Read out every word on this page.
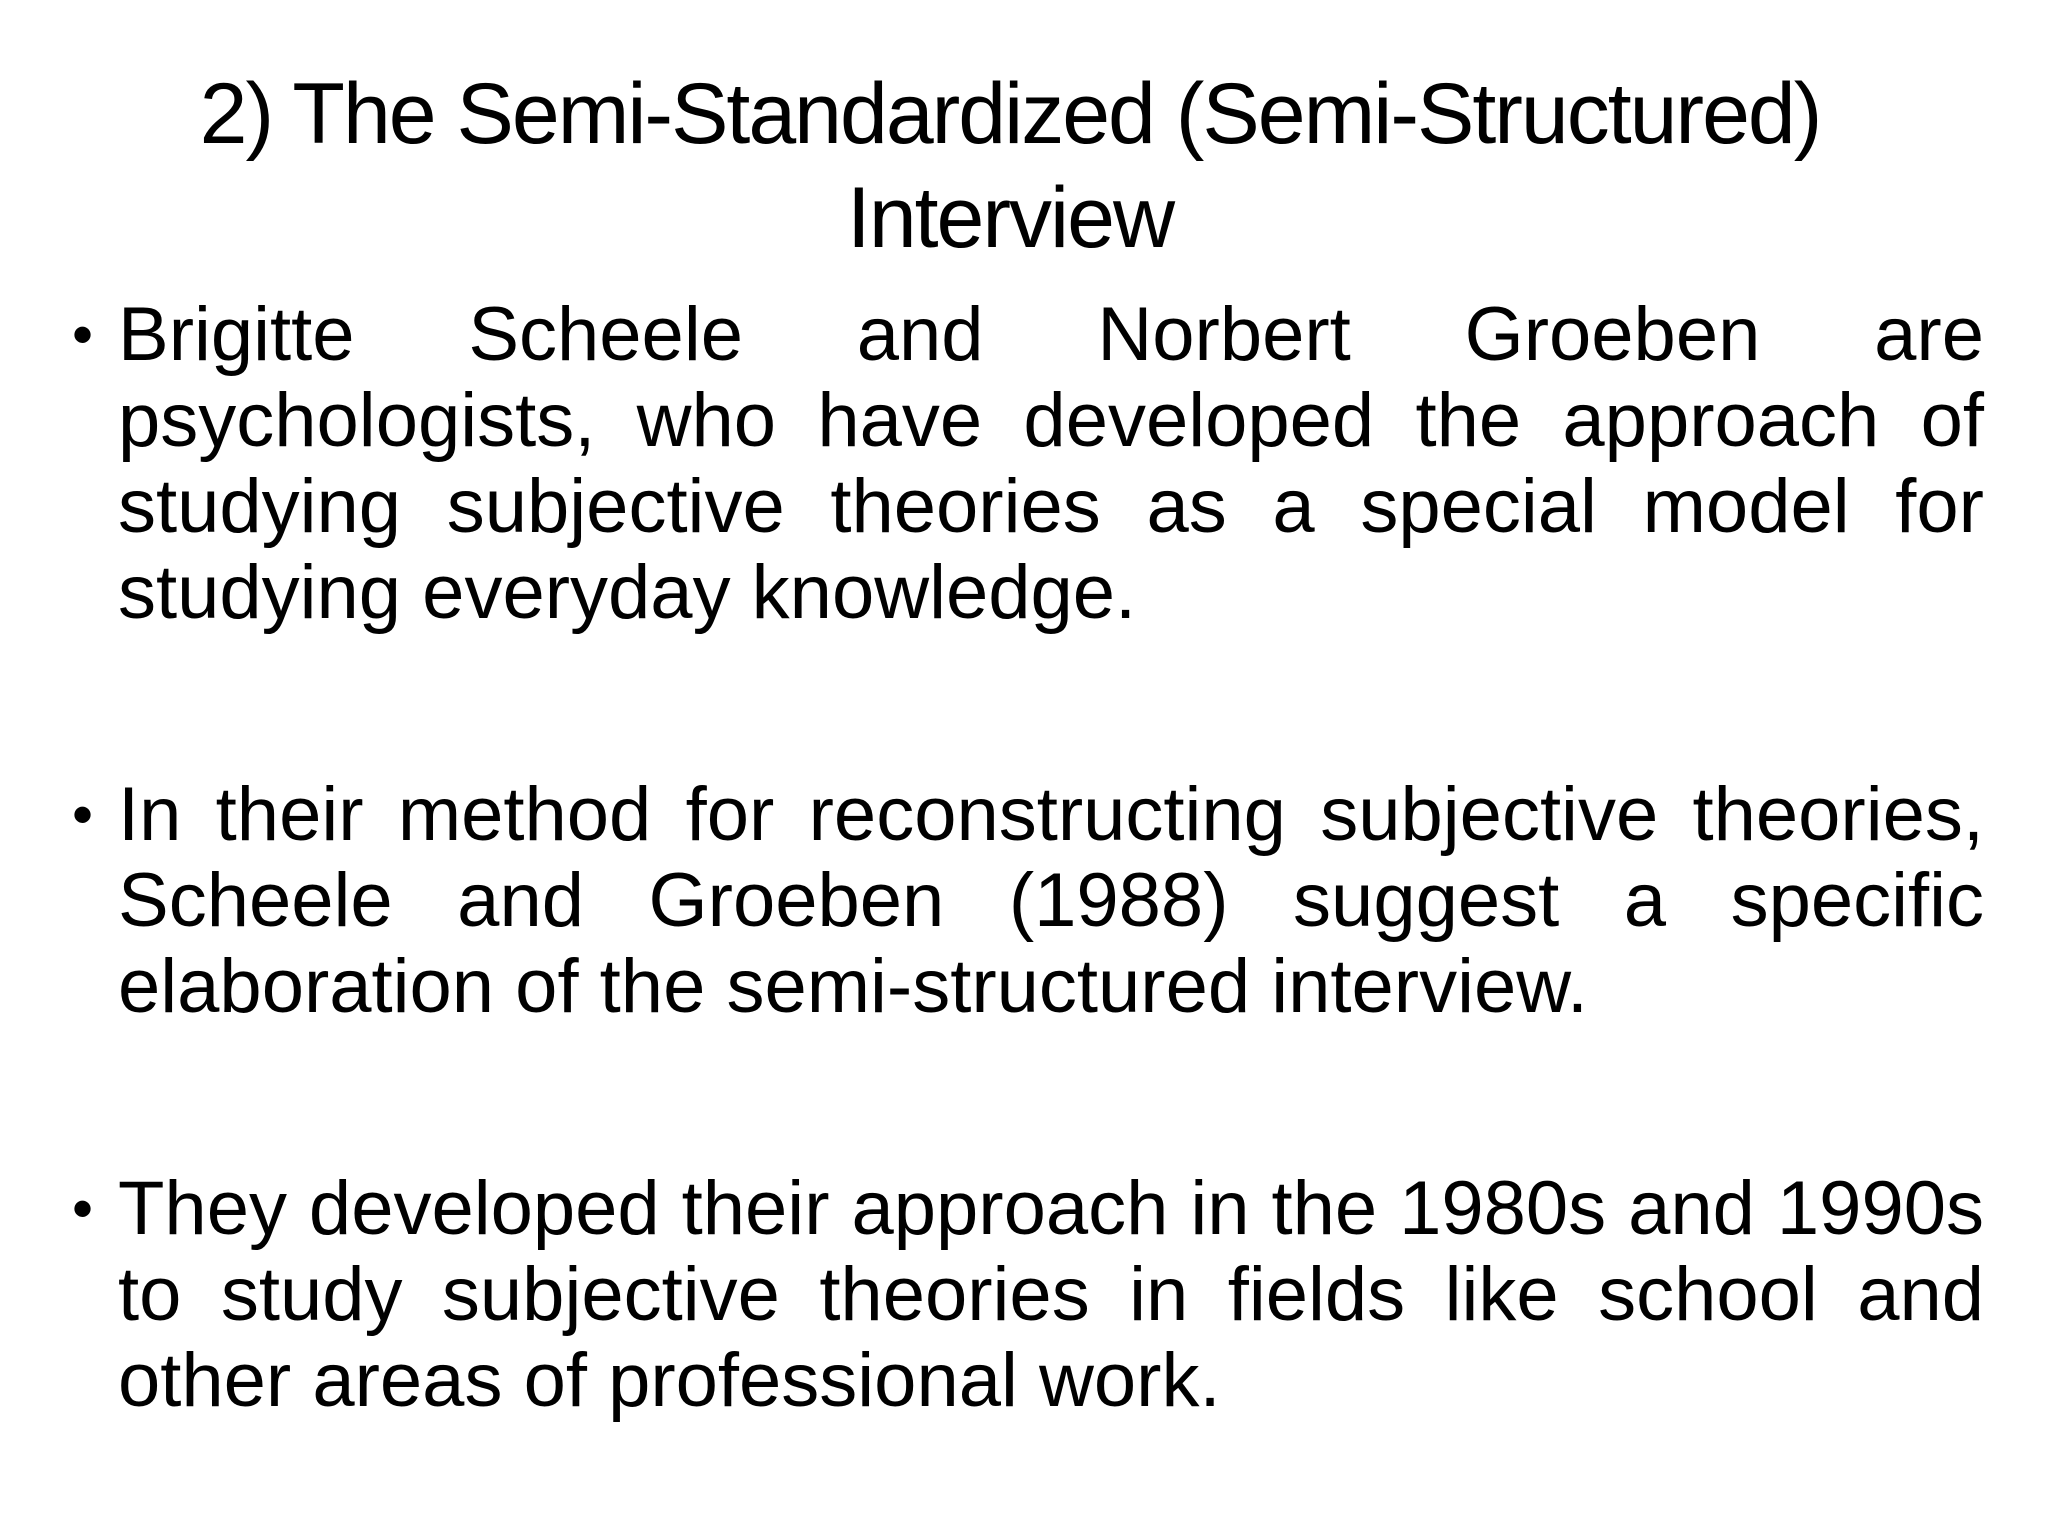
2) The Semi-Standardized (Semi-Structured)
Interview
• Brigitte Scheele and Norbert Groeben are psychologists, who have developed the approach of studying subjective theories as a special model for studying everyday knowledge.
• In their method for reconstructing subjective theories, Scheele and Groeben (1988) suggest a specific elaboration of the semi-structured interview.
• They developed their approach in the 1980s and 1990s to study subjective theories in fields like school and other areas of professional work.
